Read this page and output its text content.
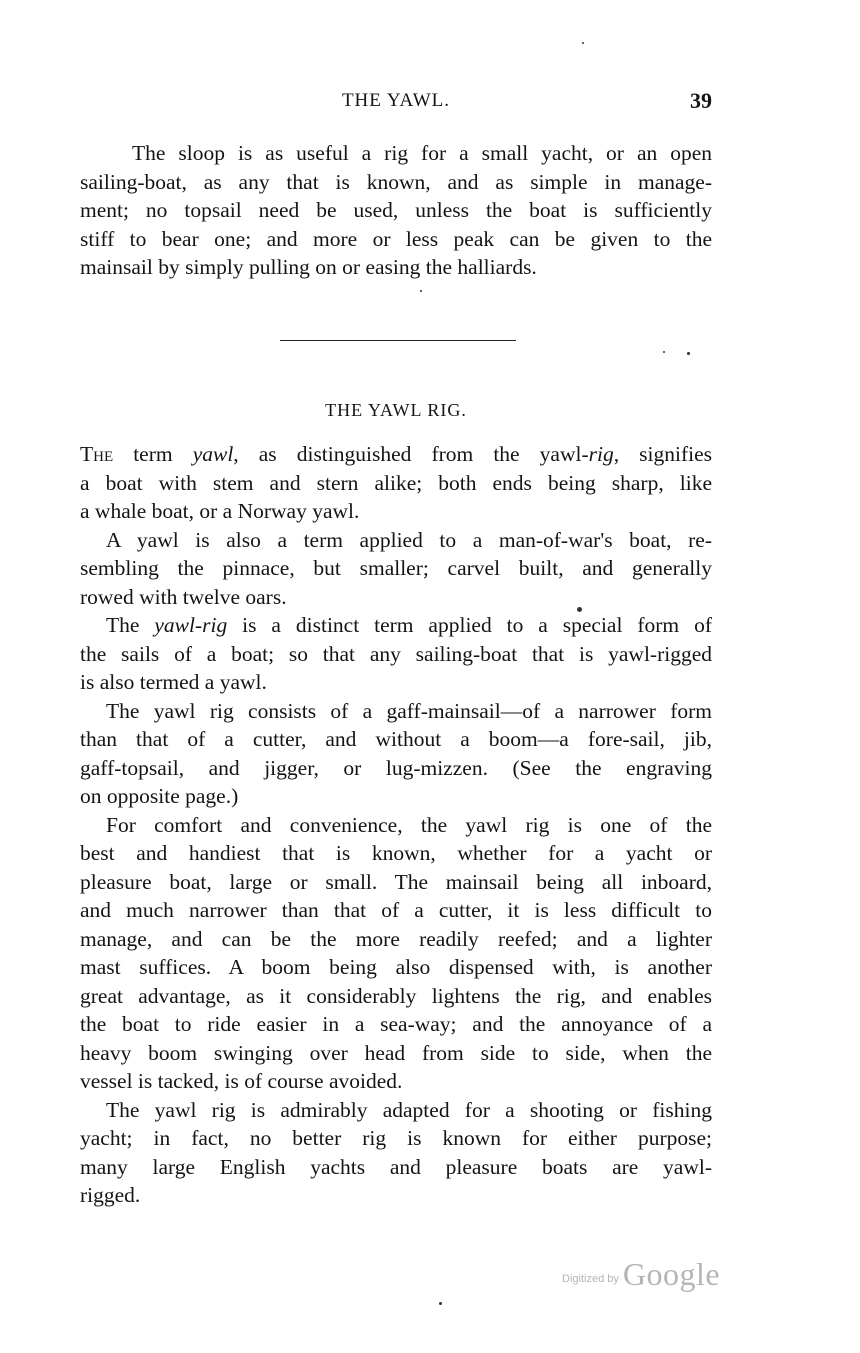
THE YAWL.	39

The sloop is as useful a rig for a small yacht, or an open
sailing-boat, as any that is known, and as simple in manage-
ment; no topsail need be used, unless the boat is sufficiently
stiff to bear one; and more or less peak can be given to the
mainsail by simply pulling on or easing the halliards.

THE YAWL RIG.
The term yawl, as distinguished from the yawl-rig, signifies
a boat with stem and stern alike; both ends being sharp, like
a whale boat, or a Norway yawl.
A yawl is also a term applied to a man-of-war's boat, re-
sembling the pinnace, but smaller; carvel built, and generally
rowed with twelve oars.
The yawl-rig is a distinct term applied to a special form of
the sails of a boat; so that any sailing-boat that is yawl-rigged
is also termed a yawl.
The yawl rig consists of a gaff-mainsail—of a narrower form
than that of a cutter, and without a boom—a fore-sail, jib,
gaff-topsail, and jigger, or lug-mizzen. (See the engraving
on opposite page.)
For comfort and convenience, the yawl rig is one of the
best and handiest that is known, whether for a yacht or
pleasure boat, large or small. The mainsail being all inboard,
and much narrower than that of a cutter, it is less difficult to
manage, and can be the more readily reefed; and a lighter
mast suffices. A boom being also dispensed with, is another
great advantage, as it considerably lightens the rig, and enables
the boat to ride easier in a sea-way; and the annoyance of a
heavy boom swinging over head from side to side, when the
vessel is tacked, is of course avoided.
The yawl rig is admirably adapted for a shooting or fishing
yacht; in fact, no better rig is known for either purpose;
many large English yachts and pleasure boats are yawl-
rigged.
Digitized by Google
